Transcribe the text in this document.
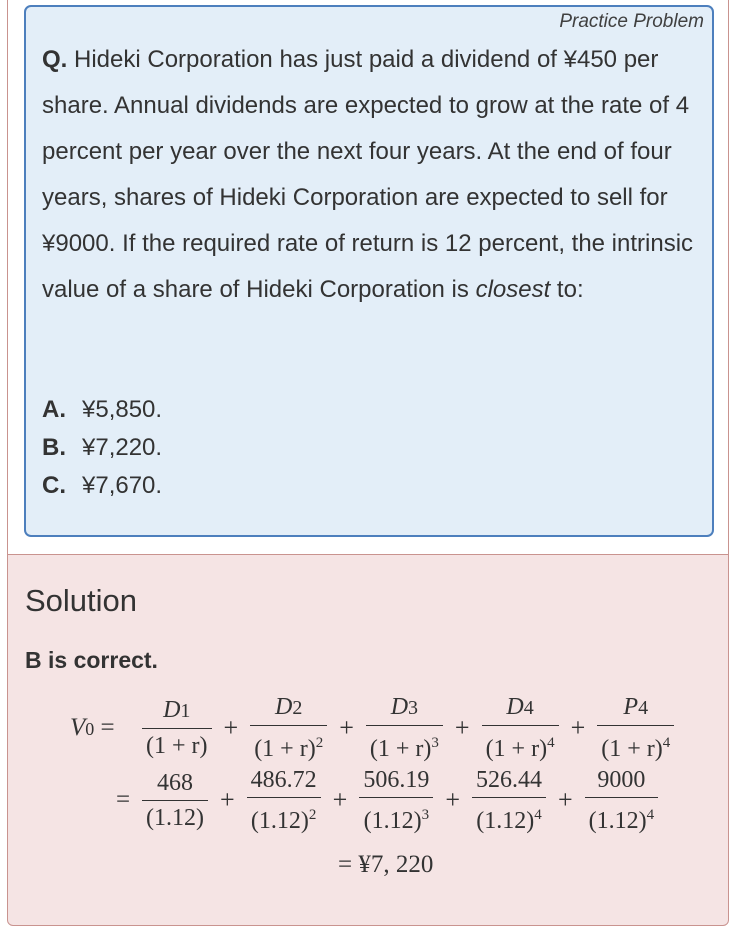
Practice Problem
Q. Hideki Corporation has just paid a dividend of ¥450 per share. Annual dividends are expected to grow at the rate of 4 percent per year over the next four years. At the end of four years, shares of Hideki Corporation are expected to sell for ¥9000. If the required rate of return is 12 percent, the intrinsic value of a share of Hideki Corporation is closest to:
A. ¥5,850.
B. ¥7,220.
C. ¥7,670.
Solution
B is correct.
V0 =	$\frac{D1}{(1 + r)} + \frac{D2}{(1 + r)^2} + \frac{D3}{(1 + r)^3} + \frac{D4}{(1 + r)^4} + \frac{P4}{(1 + r)^4}$
= $\frac{468}{(1.12)} + \frac{486.72}{(1.12)^2} + \frac{506.19}{(1.12)^3} + \frac{526.44}{(1.12)^4} + \frac{9000}{(1.12)^4}$
= ¥7, 220
